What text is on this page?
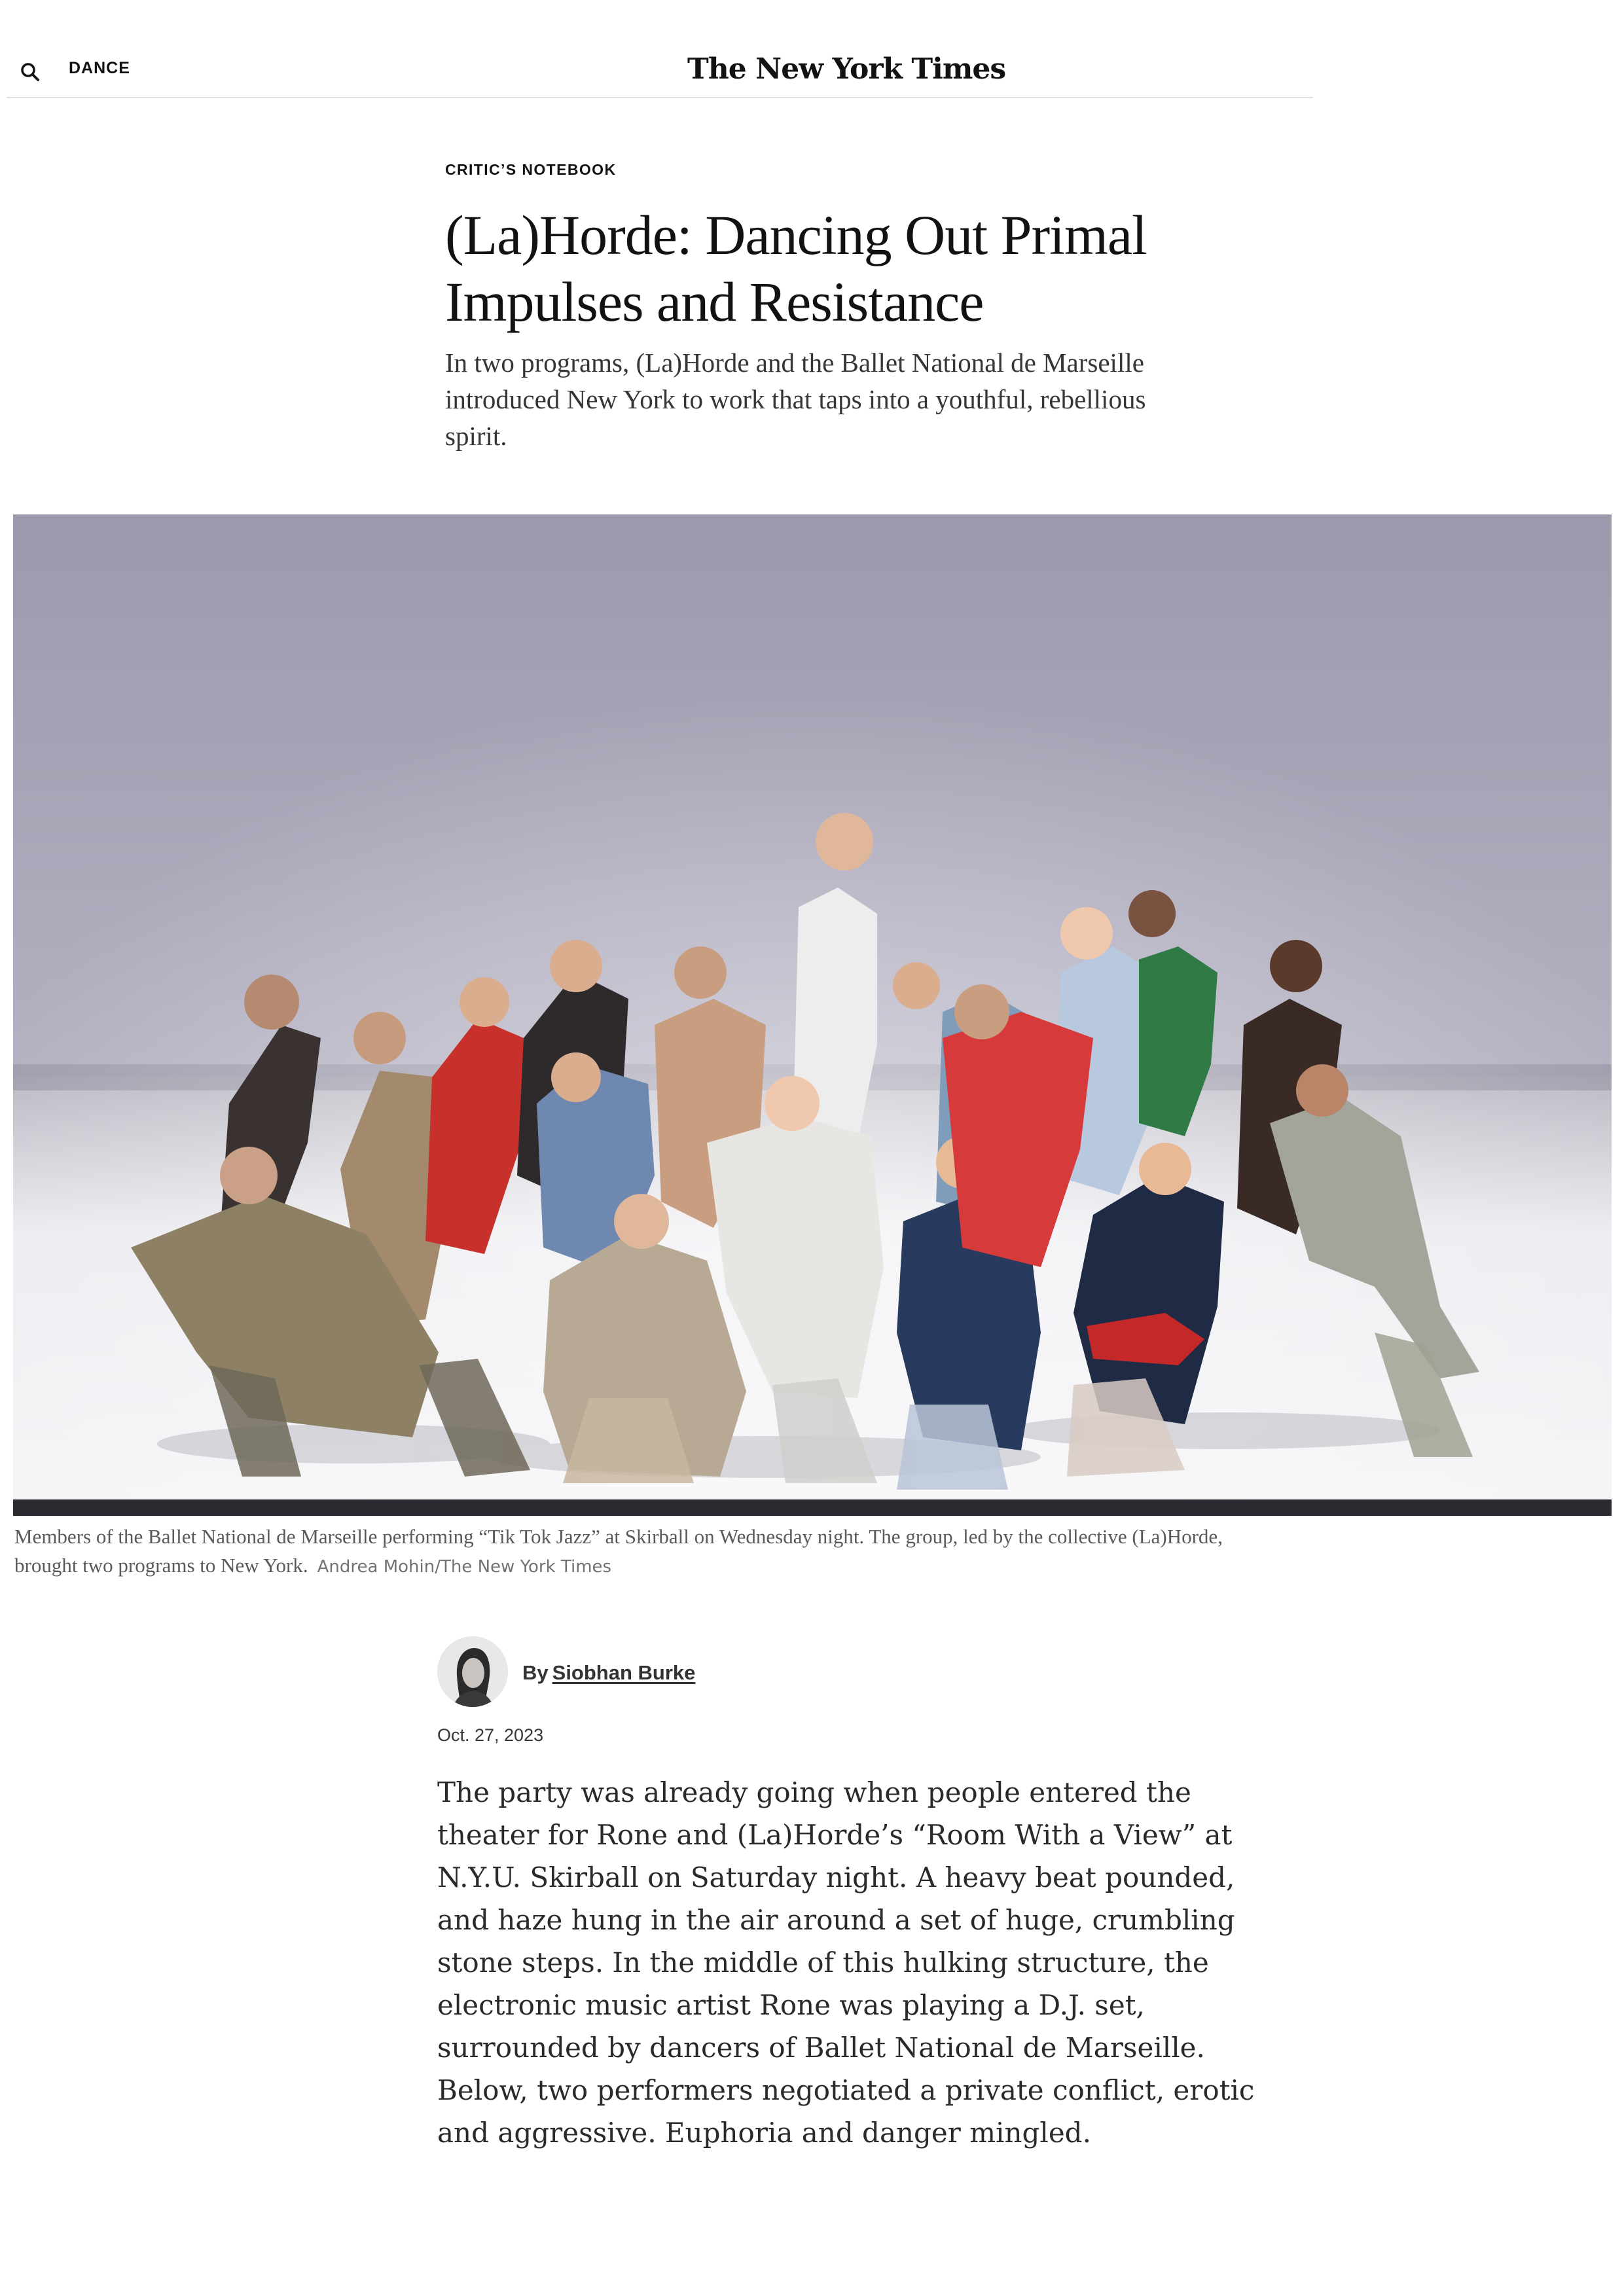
DANCE	The New York Times
CRITIC’S NOTEBOOK
(La)Horde: Dancing Out Primal Impulses and Resistance

In two programs, (La)Horde and the Ballet National de Marseille introduced New York to work that taps into a youthful, rebellious spirit.

Members of the Ballet National de Marseille performing “Tik Tok Jazz” at Skirball on Wednesday night. The group, led by the collective (La)Horde, brought two programs to New York. Andrea Mohin/The New York Times
By Siobhan Burke
Oct. 27, 2023

The party was already going when people entered the theater for Rone and (La)Horde’s “Room With a View” at N.Y.U. Skirball on Saturday night. A heavy beat pounded, and haze hung in the air around a set of huge, crumbling stone steps. In the middle of this hulking structure, the electronic music artist Rone was playing a D.J. set, surrounded by dancers of Ballet National de Marseille. Below, two performers negotiated a private conflict, erotic and aggressive. Euphoria and danger mingled.
